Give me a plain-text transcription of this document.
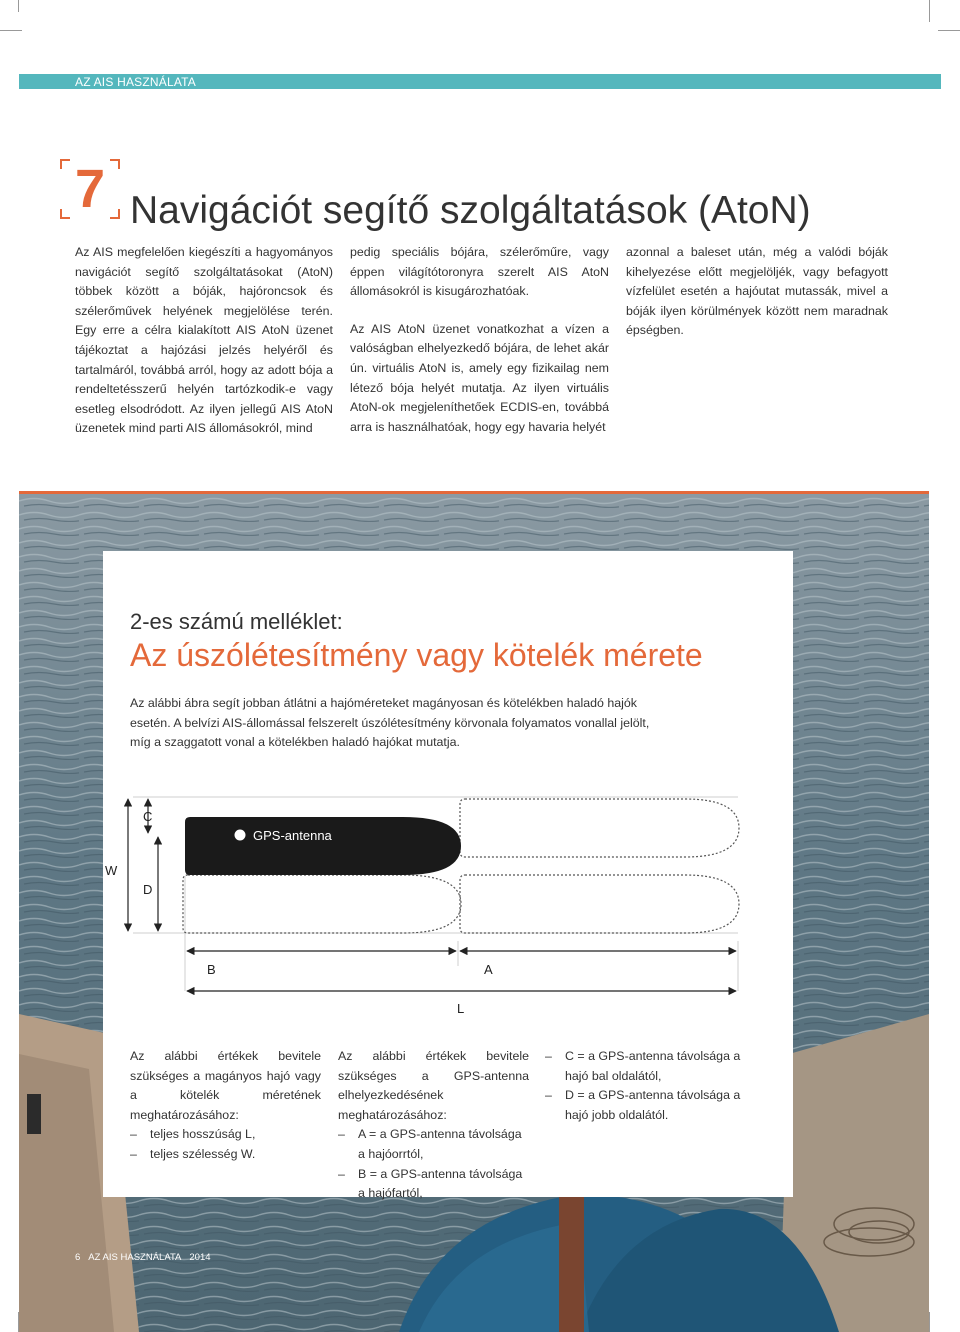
AZ AIS HASZNÁLATA
7 Navigációt segítő szolgáltatások (AtoN)

Az AIS megfelelően kiegészíti a hagyományos navigációt segítő szolgáltatásokat (AtoN) többek között a bóják, hajóroncsok és szélerőművek helyének megjelölése terén. Egy erre a célra kialakított AIS AtoN üzenet tájékoztat a hajózási jelzés helyéről és tartalmáról, továbbá arról, hogy az adott bója a rendeltetésszerű helyén tartózkodik-e vagy esetleg elsodródott. Az ilyen jellegű AIS AtoN üzenetek mind parti AIS állomásokról, mind

pedig speciális bójára, szélerőműre, vagy éppen világítótoronyra szerelt AIS AtoN állomásokról is kisugározhatóak.

Az AIS AtoN üzenet vonatkozhat a vízen a valóságban elhelyezkedő bójára, de lehet akár ún. virtuális AtoN is, amely egy fizikailag nem létező bója helyét mutatja. Az ilyen virtuális AtoN-ok megjeleníthetőek ECDIS-en, továbbá arra is használhatóak, hogy egy havaria helyét

azonnal a baleset után, még a valódi bóják kihelyezése előtt megjelöljék, vagy befagyott vízfelület esetén a hajóutat mutassák, mivel a bóják ilyen körülmények között nem maradnak épségben.

2-es számú melléklet:
Az úszólétesítmény vagy kötelék mérete

Az alábbi ábra segít jobban átlátni a hajóméreteket magányosan és kötelékben haladó hajók esetén. A belvízi AIS-állomással felszerelt úszólétesítmény körvonala folyamatos vonallal jelölt, míg a szaggatott vonal a kötelékben haladó hajókat mutatja.

GPS-antenna
C
W
D
B	A
L

Az alábbi értékek bevitele szükséges a magányos hajó vagy a kötelék méretének meghatározásához:

– teljes hosszúság L,
– teljes szélesség W.

Az alábbi értékek bevitele szükséges a GPS-antenna elhelyezkedésének meghatározásához:

– A = a GPS-antenna távolsága a hajóorrtól,
– B = a GPS-antenna távolsága a hajófartól,
– C = a GPS-antenna távolsága a hajó bal oldalától,
– D = a GPS-antenna távolsága a hajó jobb oldalától.
6 AZ AIS HASZNÁLATA 2014
